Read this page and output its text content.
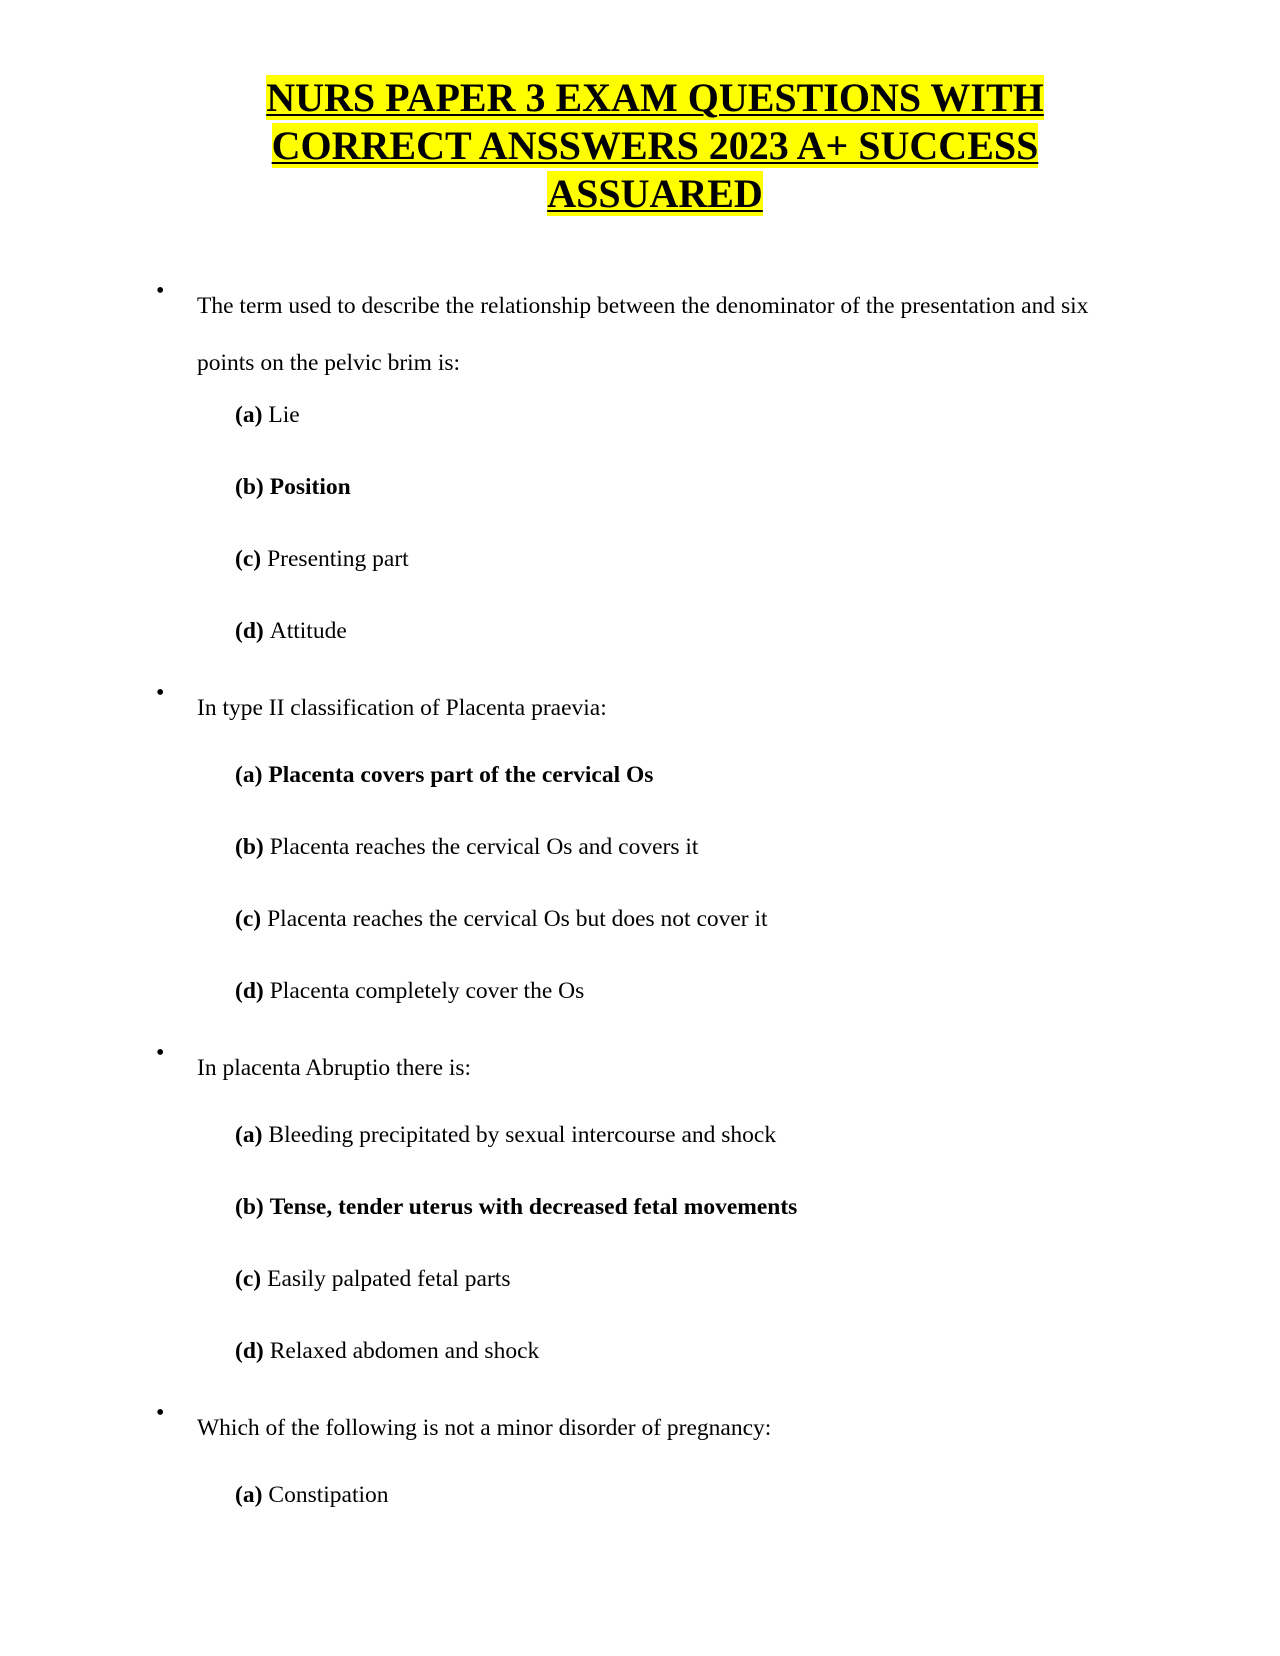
NURS PAPER 3 EXAM QUESTIONS WITH
CORRECT ANSSWERS 2023 A+ SUCCESS
ASSUARED
•
The term used to describe the relationship between the denominator of the presentation and six points on the pelvic brim is:
(a) Lie
(b) Position
(c) Presenting part
(d) Attitude
•
In type II classification of Placenta praevia:
(a) Placenta covers part of the cervical Os
(b) Placenta reaches the cervical Os and covers it
(c) Placenta reaches the cervical Os but does not cover it
(d) Placenta completely cover the Os
•
In placenta Abruptio there is:
(a) Bleeding precipitated by sexual intercourse and shock
(b) Tense, tender uterus with decreased fetal movements
(c) Easily palpated fetal parts
(d) Relaxed abdomen and shock
•
Which of the following is not a minor disorder of pregnancy:
(a) Constipation
